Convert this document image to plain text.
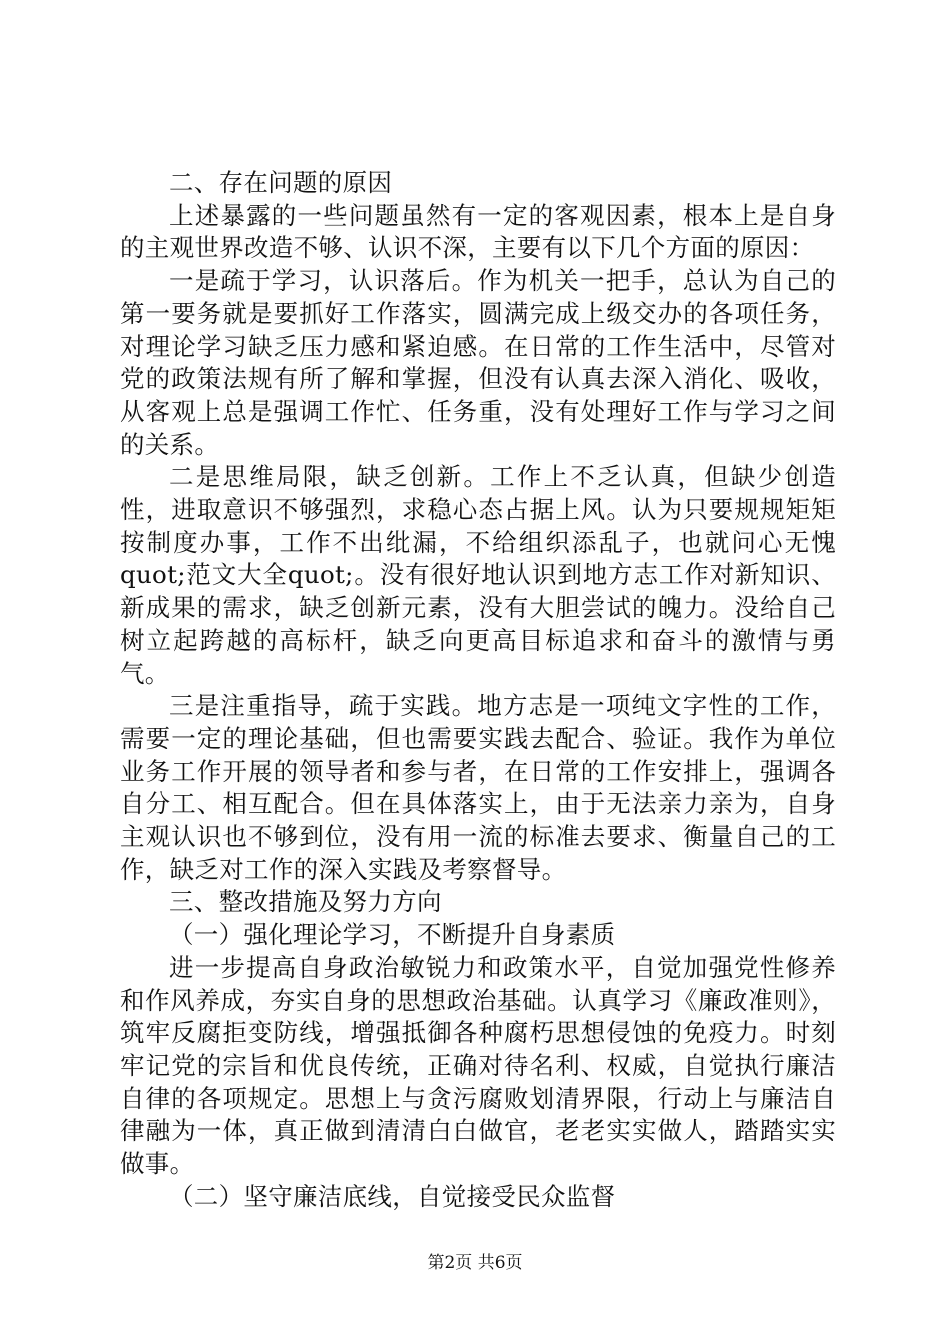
二、存在问题的原因

上述暴露的一些问题虽然有一定的客观因素，根本上是自身的主观世界改造不够、认识不深，主要有以下几个方面的原因：

一是疏于学习，认识落后。作为机关一把手，总认为自己的第一要务就是要抓好工作落实，圆满完成上级交办的各项任务，对理论学习缺乏压力感和紧迫感。在日常的工作生活中，尽管对党的政策法规有所了解和掌握，但没有认真去深入消化、吸收，从客观上总是强调工作忙、任务重，没有处理好工作与学习之间的关系。

二是思维局限，缺乏创新。工作上不乏认真，但缺少创造性，进取意识不够强烈，求稳心态占据上风。认为只要规规矩矩按制度办事，工作不出纰漏，不给组织添乱子，也就问心无愧quot;范文大全quot;。没有很好地认识到地方志工作对新知识、新成果的需求，缺乏创新元素，没有大胆尝试的魄力。没给自己树立起跨越的高标杆，缺乏向更高目标追求和奋斗的激情与勇气。

三是注重指导，疏于实践。地方志是一项纯文字性的工作，需要一定的理论基础，但也需要实践去配合、验证。我作为单位业务工作开展的领导者和参与者，在日常的工作安排上，强调各自分工、相互配合。但在具体落实上，由于无法亲力亲为，自身主观认识也不够到位，没有用一流的标准去要求、衡量自己的工作，缺乏对工作的深入实践及考察督导。

三、整改措施及努力方向

（一）强化理论学习，不断提升自身素质

进一步提高自身政治敏锐力和政策水平，自觉加强党性修养和作风养成，夯实自身的思想政治基础。认真学习《廉政准则》，筑牢反腐拒变防线，增强抵御各种腐朽思想侵蚀的免疫力。时刻牢记党的宗旨和优良传统，正确对待名利、权威，自觉执行廉洁自律的各项规定。思想上与贪污腐败划清界限，行动上与廉洁自律融为一体，真正做到清清白白做官，老老实实做人，踏踏实实做事。

（二）坚守廉洁底线，自觉接受民众监督

第2页 共6页
